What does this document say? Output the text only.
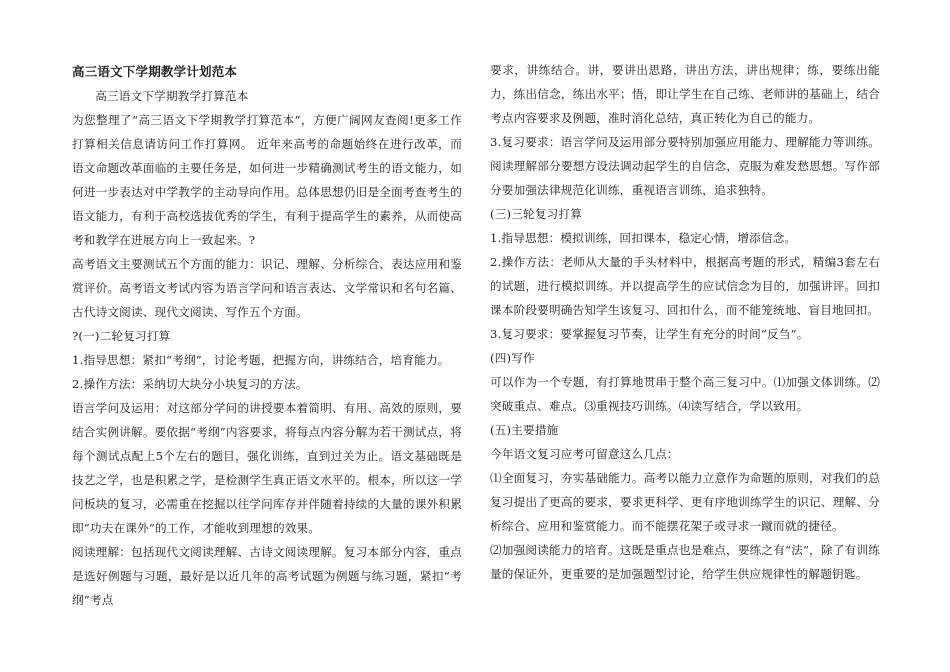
高三语文下学期教学计划范本

高三语文下学期教学打算范本

为您整理了“高三语文下学期教学打算范本”，方便广阔网友查阅!更多工作打算相关信息请访问工作打算网。 近年来高考的命题始终在进行改革，而语文命题改革面临的主要任务是，如何进一步精确测试考生的语文能力，如何进一步表达对中学教学的主动导向作用。总体思想仍旧是全面考查考生的语文能力，有利于高校选拔优秀的学生，有利于提高学生的素养，从而使高考和教学在进展方向上一致起来。?

高考语文主要测试五个方面的能力：识记、理解、分析综合、表达应用和鉴赏评价。高考语文考试内容为语言学问和语言表达、文学常识和名句名篇、古代诗文阅读、现代文阅读、写作五个方面。

?(一)二轮复习打算

1.指导思想：紧扣“考纲”，讨论考题，把握方向，讲练结合，培育能力。

2.操作方法：采纳切大块分小块复习的方法。

语言学问及运用：对这部分学问的讲授要本着简明、有用、高效的原则，要结合实例讲解。要依据“考纲”内容要求，将每点内容分解为若干测试点，将每个测试点配上5个左右的题目，强化训练，直到过关为止。语文基础既是技艺之学，也是积累之学，是检测学生真正语文水平的。根本，所以这一学问板块的复习，必需重在挖掘以往学问库存并伴随着持续的大量的课外积累即“功夫在课外”的工作，才能收到理想的效果。

阅读理解：包括现代文阅读理解、古诗文阅读理解。复习本部分内容，重点是选好例题与习题，最好是以近几年的高考试题为例题与练习题，紧扣“考纲”考点

要求，讲练结合。讲，要讲出思路，讲出方法，讲出规律；练，要练出能力，练出信念，练出水平；悟，即让学生在自己练、老师讲的基础上，结合考点内容要求及例题，准时消化总结，真正转化为自己的能力。

3.复习要求：语言学问及运用部分要特别加强应用能力、理解能力等训练。阅读理解部分要想方设法调动起学生的自信念，克服为难发愁思想。写作部分要加强法律规范化训练，重视语言训练，追求独特。

(三)三轮复习打算

1.指导思想：模拟训练，回扣课本，稳定心情，增添信念。

2.操作方法：老师从大量的手头材料中，根据高考题的形式，精编3套左右的试题，进行模拟训练。并以提高学生的应试信念为目的，加强讲评。回扣课本阶段要明确告知学生该复习、回扣什么，而不能笼统地、盲目地回扣。

3.复习要求：要掌握复习节奏，让学生有充分的时间“反刍”。

(四)写作

可以作为一个专题，有打算地贯串于整个高三复习中。⑴加强文体训练。⑵突破重点、难点。⑶重视技巧训练。⑷读写结合，学以致用。

(五)主要措施

今年语文复习应考可留意这么几点：

⑴全面复习，夯实基础能力。高考以能力立意作为命题的原则，对我们的总复习提出了更高的要求，要求更科学、更有序地训练学生的识记、理解、分析综合、应用和鉴赏能力。而不能摆花架子或寻求一蹴而就的捷径。

⑵加强阅读能力的培育。这既是重点也是难点，要练之有“法”，除了有训练量的保证外，更重要的是加强题型讨论，给学生供应规律性的解题钥匙。
